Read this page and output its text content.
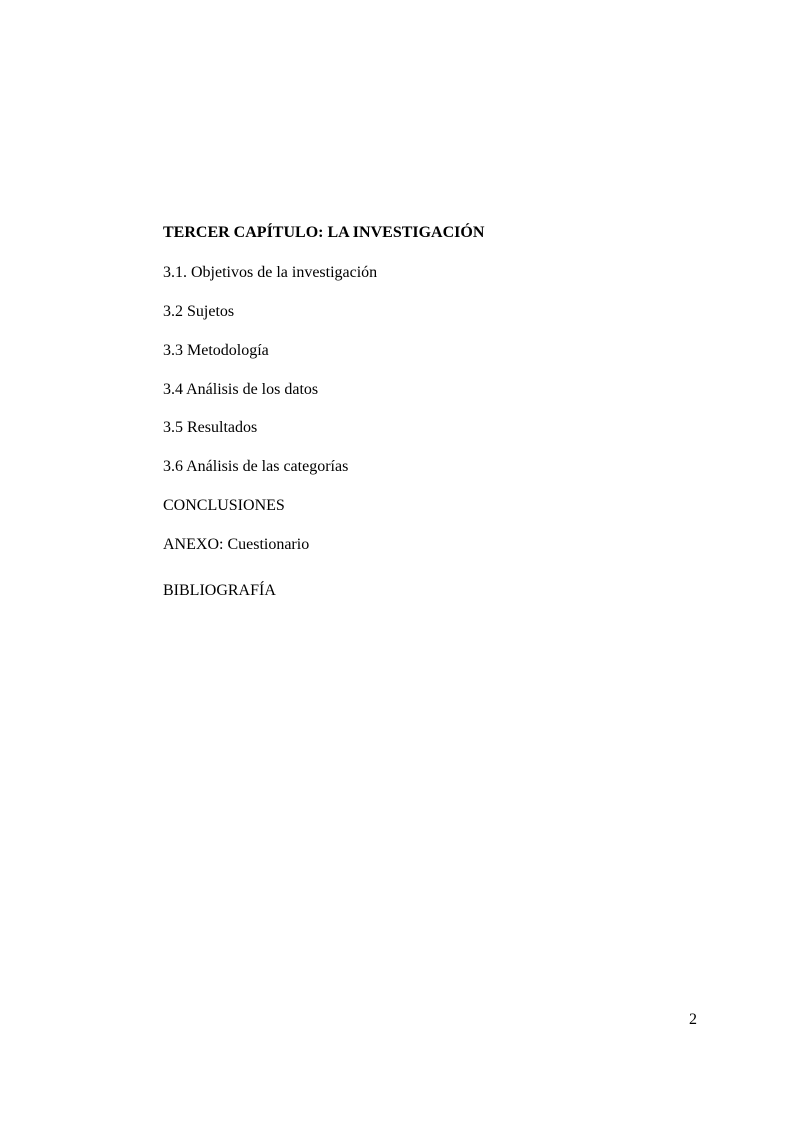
TERCER CAPÍTULO: LA INVESTIGACIÓN
3.1. Objetivos de la investigación
3.2 Sujetos
3.3 Metodología
3.4 Análisis de los datos
3.5 Resultados
3.6 Análisis de las categorías
CONCLUSIONES
ANEXO: Cuestionario
BIBLIOGRAFÍA
2
